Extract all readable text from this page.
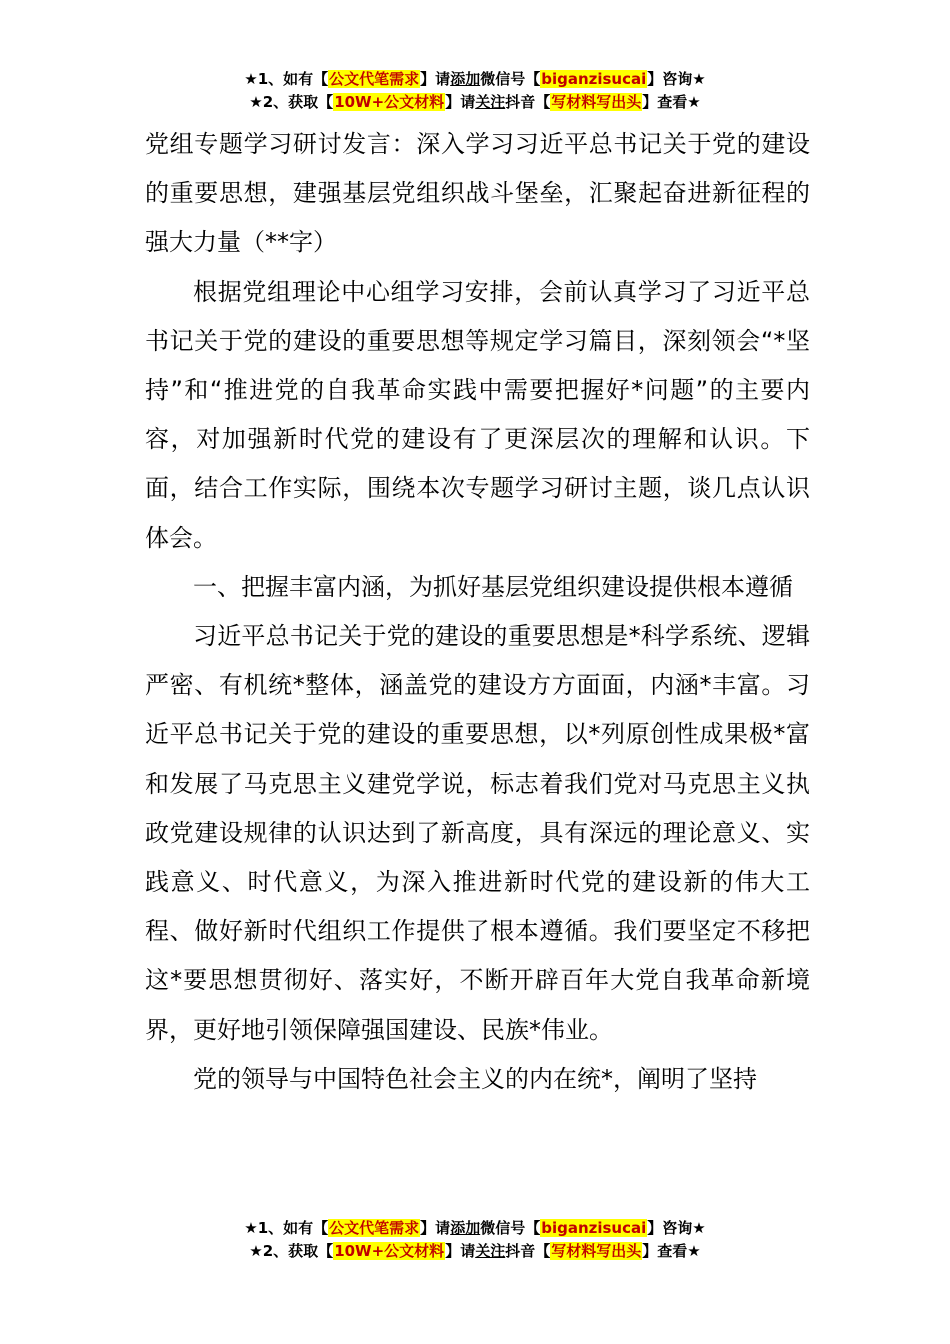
★1、如有【公文代笔需求】请添加微信号【biganzisucai】咨询★
★2、获取【10W+公文材料】请关注抖音【写材料写出头】查看★

党组专题学习研讨发言：深入学习习近平总书记关于党的建设的重要思想，建强基层党组织战斗堡垒，汇聚起奋进新征程的强大力量（**字）

根据党组理论中心组学习安排，会前认真学习了习近平总书记关于党的建设的重要思想等规定学习篇目，深刻领会“*坚持”和“推进党的自我革命实践中需要把握好*问题”的主要内容，对加强新时代党的建设有了更深层次的理解和认识。下面，结合工作实际，围绕本次专题学习研讨主题，谈几点认识体会。

一、把握丰富内涵，为抓好基层党组织建设提供根本遵循

习近平总书记关于党的建设的重要思想是*科学系统、逻辑严密、有机统*整体，涵盖党的建设方方面面，内涵*丰富。习近平总书记关于党的建设的重要思想，以*列原创性成果极*富和发展了马克思主义建党学说，标志着我们党对马克思主义执政党建设规律的认识达到了新高度，具有深远的理论意义、实践意义、时代意义，为深入推进新时代党的建设新的伟大工程、做好新时代组织工作提供了根本遵循。我们要坚定不移把这*要思想贯彻好、落实好，不断开辟百年大党自我革命新境界，更好地引领保障强国建设、民族*伟业。

党的领导与中国特色社会主义的内在统*，阐明了坚持

★1、如有【公文代笔需求】请添加微信号【biganzisucai】咨询★
★2、获取【10W+公文材料】请关注抖音【写材料写出头】查看★
